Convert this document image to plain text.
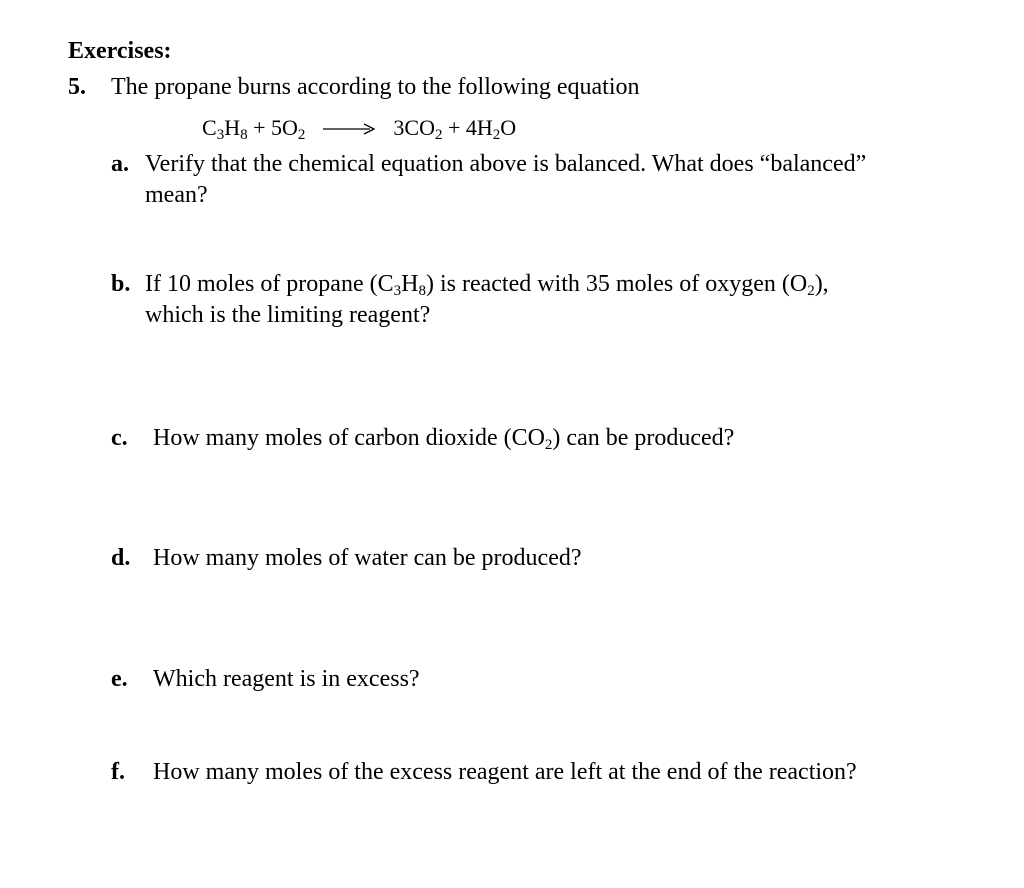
Exercises:
5. The propane burns according to the following equation
$C_3H_8 + 5O_2 \to 3CO_2 + 4H_2O$
a. Verify that the chemical equation above is balanced. What does “balanced”
mean?
b. If 10 moles of propane $(C_3H_8)$ is reacted with 35 moles of oxygen $(O_2)$,
which is the limiting reagent?
c. How many moles of carbon dioxide $(CO_2)$ can be produced?
d. How many moles of water can be produced?
e. Which reagent is in excess?
f. How many moles of the excess reagent are left at the end of the reaction?
